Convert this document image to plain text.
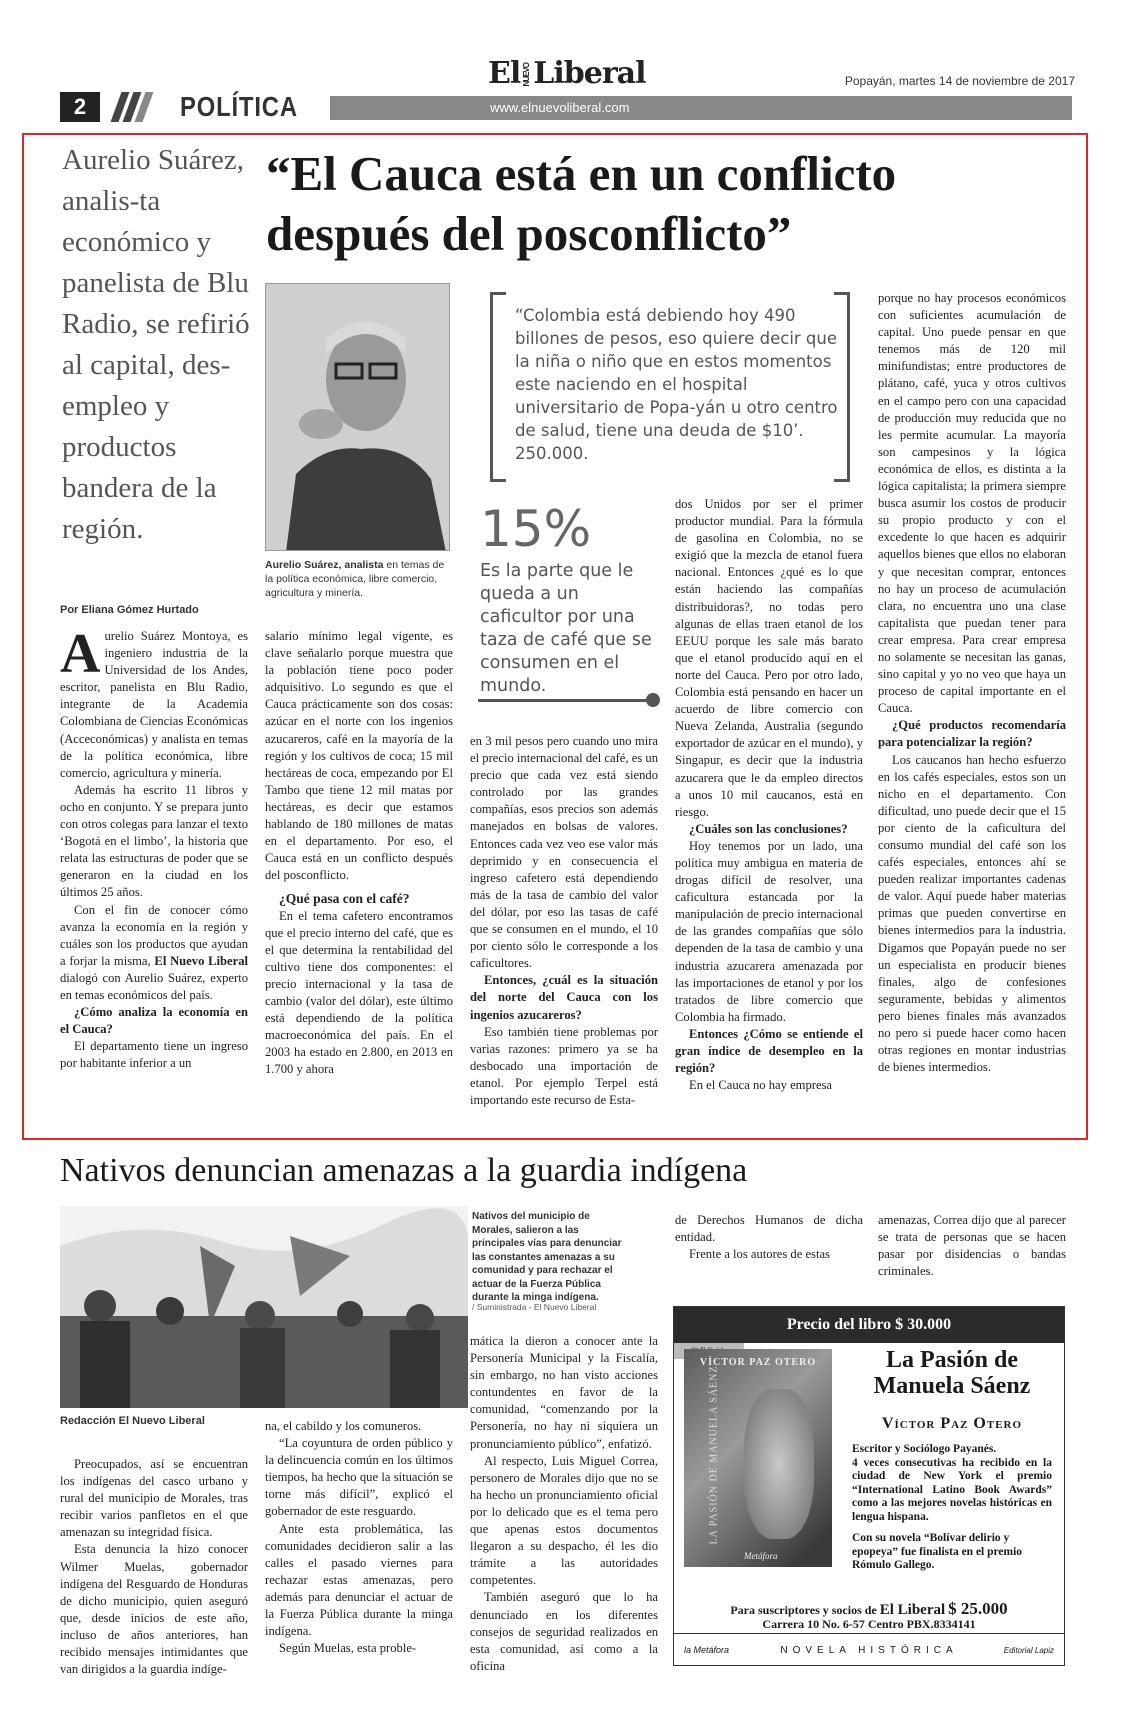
El NUEVOLiberal	Popayán, martes 14 de noviembre de 2017
www.elnuevoliberal.com
2	POLÍTICA
Aurelio Suárez, analis-ta económico y panelista de Blu Radio, se refirió al capital, des-empleo y productos bandera de la región.
Por Eliana Gómez Hurtado
“El Cauca está en un conflicto después del posconflicto”
Aurelio Suárez, analista en temas de la política económica, libre comercio, agricultura y minería.
“Colombia está debiendo hoy 490 billones de pesos, eso quiere decir que la niña o niño que en estos momentos este naciendo en el hospital universitario de Popa-yán u otro centro de salud, tiene una deuda de $10’. 250.000.
15%
Es la parte que le queda a un caficultor por una taza de café que se consumen en el mundo.

Aurelio Suárez Montoya, es ingeniero industria de la Universidad de los Andes, escritor, panelista en Blu Radio, integrante de la Academia Colombiana de Ciencias Económicas (Acceconómicas) y analista en temas de la política económica, libre comercio, agricultura y minería.

Además ha escrito 11 libros y ocho en conjunto. Y se prepara junto con otros colegas para lanzar el texto ‘Bogotá en el limbo’, la historia que relata las estructuras de poder que se generaron en la ciudad en los últimos 25 años.

Con el fin de conocer cómo avanza la economía en la región y cuáles son los productos que ayudan a forjar la misma, El Nuevo Liberal dialogó con Aurelio Suárez, experto en temas económicos del país.

¿Cómo analiza la economía en el Cauca?

El departamento tiene un ingreso por habitante inferior a un

salario mínimo legal vigente, es clave señalarlo porque muestra que la población tiene poco poder adquisitivo. Lo segundo es que el Cauca prácticamente son dos cosas: azúcar en el norte con los ingenios azucareros, café en la mayoría de la región y los cultivos de coca; 15 mil hectáreas de coca, empezando por El Tambo que tiene 12 mil matas por hectáreas, es decir que estamos hablando de 180 millones de matas en el departamento. Por eso, el Cauca está en un conflicto después del posconflicto.

¿Qué pasa con el café?

En el tema cafetero encontramos que el precio interno del café, que es el que determina la rentabilidad del cultivo tiene dos componentes: el precio internacional y la tasa de cambio (valor del dólar), este último está dependiendo de la política macroeconómica del país. En el 2003 ha estado en 2.800, en 2013 en 1.700 y ahora

en 3 mil pesos pero cuando uno mira el precio internacional del café, es un precio que cada vez está siendo controlado por las grandes compañías, esos precios son además manejados en bolsas de valores. Entonces cada vez veo ese valor más deprimido y en consecuencia el ingreso cafetero está dependiendo más de la tasa de cambio del valor del dólar, por eso las tasas de café que se consumen en el mundo, el 10 por ciento sólo le corresponde a los caficultores.

Entonces, ¿cuál es la situación del norte del Cauca con los ingenios azucareros?

Eso también tiene problemas por varias razones: primero ya se ha desbocado una importación de etanol. Por ejemplo Terpel está importando este recurso de Esta-

dos Unidos por ser el primer productor mundial. Para la fórmula de gasolina en Colombia, no se exigió que la mezcla de etanol fuera nacional. Entonces ¿qué es lo que están haciendo las compañías distribuidoras?, no todas pero algunas de ellas traen etanol de los EEUU porque les sale más barato que el etanol producido aquí en el norte del Cauca. Pero por otro lado, Colombia está pensando en hacer un acuerdo de libre comercio con Nueva Zelanda, Australia (segundo exportador de azúcar en el mundo), y Singapur, es decir que la industria azucarera que le da empleo directos a unos 10 mil caucanos, está en riesgo.

¿Cuáles son las conclusiones?

Hoy tenemos por un lado, una política muy ambigua en materia de drogas difícil de resolver, una caficultura estancada por la manipulación de precio internacional de las grandes compañías que sólo dependen de la tasa de cambio y una industria azucarera amenazada por las importaciones de etanol y por los tratados de libre comercio que Colombia ha firmado.

Entonces ¿Cómo se entiende el gran índice de desempleo en la región?

En el Cauca no hay empresa

porque no hay procesos económicos con suficientes acumulación de capital. Uno puede pensar en que tenemos más de 120 mil minifundistas; entre productores de plátano, café, yuca y otros cultivos en el campo pero con una capacidad de producción muy reducida que no les permite acumular. La mayoría son campesinos y la lógica económica de ellos, es distinta a la lógica capitalista; la primera siempre busca asumir los costos de producir su propio producto y con el excedente lo que hacen es adquirir aquellos bienes que ellos no elaboran y que necesitan comprar, entonces no hay un proceso de acumulación clara, no encuentra uno una clase capitalista que puedan tener para crear empresa. Para crear empresa no solamente se necesitan las ganas, sino capital y yo no veo que haya un proceso de capital importante en el Cauca.

¿Qué productos recomendaría para potencializar la región?

Los caucanos han hecho esfuerzo en los cafés especiales, estos son un nicho en el departamento. Con dificultad, uno puede decir que el 15 por ciento de la caficultura del consumo mundial del café son los cafés especiales, entonces ahí se pueden realizar importantes cadenas de valor. Aquí puede haber materias primas que pueden convertirse en bienes intermedios para la industria. Digamos que Popayán puede no ser un especialista en producir bienes finales, algo de confesiones seguramente, bebidas y alimentos pero bienes finales más avanzados no pero si puede hacer como hacen otras regiones en montar industrias de bienes intermedios.

Nativos denuncian amenazas a la guardia indígena
Nativos del municipio de Morales, salieron a las principales vías para denunciar las constantes amenazas a su comunidad y para rechazar el actuar de la Fuerza Pública durante la minga indígena.
/ Suministrada - El Nuevo Liberal
Redacción El Nuevo Liberal

Preocupados, así se encuentran los indígenas del casco urbano y rural del municipio de Morales, tras recibir varios panfletos en el que amenazan su integridad física.

Esta denuncia la hizo conocer Wilmer Muelas, gobernador indígena del Resguardo de Honduras de dicho municipio, quien aseguró que, desde inicios de este año, incluso de años anteriores, han recibido mensajes intimidantes que van dirigidos a la guardia indíge-

na, el cabildo y los comuneros.

“La coyuntura de orden público y la delincuencia común en los últimos tiempos, ha hecho que la situación se torne más difícil”, explicó el gobernador de este resguardo.

Ante esta problemática, las comunidades decidieron salir a las calles el pasado viernes para rechazar estas amenazas, pero además para denunciar el actuar de la Fuerza Pública durante la minga indígena.

Según Muelas, esta proble-

mática la dieron a conocer ante la Personería Municipal y la Fiscalía, sin embargo, no han visto acciones contundentes en favor de la comunidad, “comenzando por la Personería, no hay ni siquiera un pronunciamiento público”, enfatizó.

Al respecto, Luis Miguel Correa, personero de Morales dijo que no se ha hecho un pronunciamiento oficial por lo delicado que es el tema pero que apenas estos documentos llegaron a su despacho, él les dio trámite a las autoridades competentes.

También aseguró que lo ha denunciado en los diferentes consejos de seguridad realizados en esta comunidad, así como a la oficina

de Derechos Humanos de dicha entidad.

Frente a los autores de estas

amenazas, Correa dijo que al parecer se trata de personas que se hacen pasar por disidencias o bandas criminales.

Precio del libro $ 30.000
VÍCTOR PAZ OTERO
LA PASIÓN DE MANUELA SÁENZ
Metáfora
La Pasión de
Manuela Sáenz
Víctor Paz Otero
Escritor y Sociólogo Payanés.
4 veces consecutivas ha recibido en la ciudad de New York el premio “International Latino Book Awards” como a las mejores novelas históricas en lengua hispana.
Con su novela “Bolívar delirio y epopeya” fue finalista en el premio Rómulo Gallego.
Para suscriptores y socios de El Liberal $ 25.000
Carrera 10 No. 6-57 Centro PBX.8334141
la Metáfora	NOVELA HISTÓRICA	Editorial Lapiz
